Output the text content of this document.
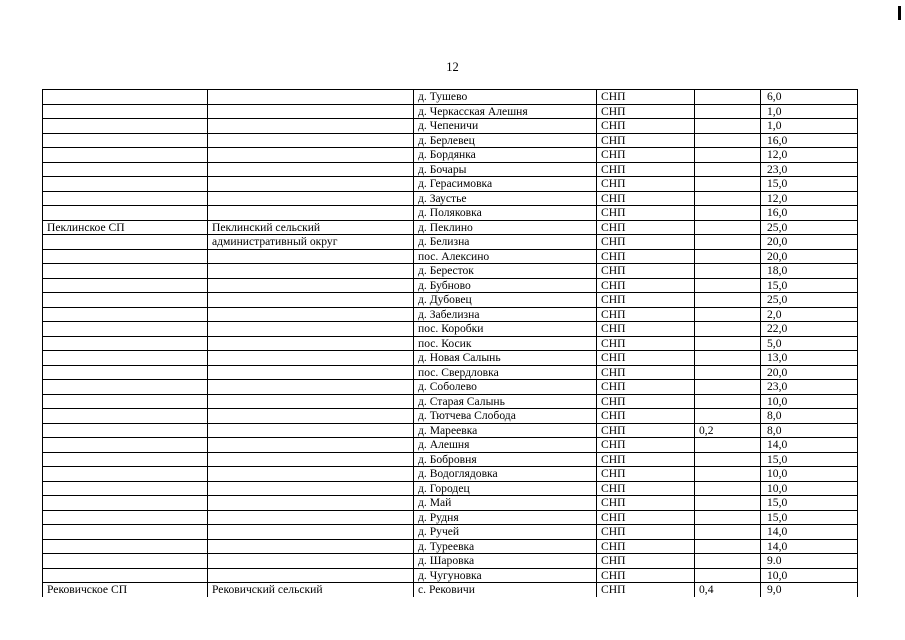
12
		д. Тушево	СНП		6,0
		д. Черкасская Алешня	СНП		1,0
		д. Чепеничи	СНП		1,0
		д. Берлевец	СНП		16,0
		д. Бордянка	СНП		12,0
		д. Бочары	СНП		23,0
		д. Герасимовка	СНП		15,0
		д. Заустье	СНП		12,0
		д. Поляковка	СНП		16,0
Пеклинское СП	Пеклинский сельский	д. Пеклино	СНП		25,0
	административный округ	д. Белизна	СНП		20,0
		пос. Алексино	СНП		20,0
		д. Береcток	СНП		18,0
		д. Бубново	СНП		15,0
		д. Дубовец	СНП		25,0
		д. Забелизна	СНП		2,0
		пос. Коробки	СНП		22,0
		пос. Косик	СНП		5,0
		д. Новая Салынь	СНП		13,0
		пос. Свердловка	СНП		20,0
		д. Соболево	СНП		23,0
		д. Старая Салынь	СНП		10,0
		д. Тютчева Слобода	СНП		8,0
		д. Мареевка	СНП	0,2	8,0
		д. Алешня	СНП		14,0
		д. Бобровня	СНП		15,0
		д. Водоглядовка	СНП		10,0
		д. Городец	СНП		10,0
		д. Май	СНП		15,0
		д. Рудня	СНП		15,0
		д. Ручей	СНП		14,0
		д. Туреевка	СНП		14,0
		д. Шаровка	СНП		9.0
		д. Чугуновка	СНП		10,0
Рековичское СП	Рековичский сельский	с. Рековичи	СНП	0,4	9,0
